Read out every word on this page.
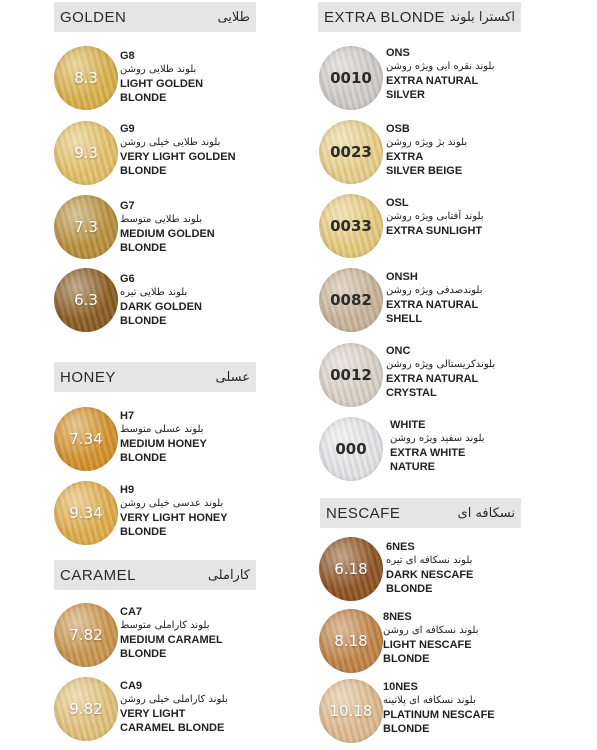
GOLDEN	طلایی	EXTRA BLONDE اکسترا بلوند
HONEY	عسلی
CARAMEL	کاراملی
NESCAFE	نسکافه ای
8.3
G8
بلوند طلایی روشن
LIGHT GOLDEN
BLONDE
9.3
G9
بلوند طلایی خیلی روشن
VERY LIGHT GOLDEN
BLONDE
7.3
G7
بلوند طلایی متوسط
MEDIUM GOLDEN
BLONDE
6.3
G6
بلوند طلایی تیره
DARK GOLDEN
BLONDE
7.34
H7
بلوند عسلی متوسط
MEDIUM HONEY
BLONDE
9.34
H9
بلوند عدسی خیلی روشن
VERY LIGHT HONEY
BLONDE
7.82
CA7
بلوند کاراملی متوسط
MEDIUM CARAMEL
BLONDE
9.82
CA9
بلوند کاراملی خیلی روشن
VERY LIGHT
CARAMEL BLONDE
0010
ONS
بلوند نقره ایی ویژه روشن
EXTRA NATURAL
SILVER
0023
OSB
بلوند بژ ویژه روشن
EXTRA
SILVER BEIGE
0033
OSL
بلوند آفتابی ویژه روشن
EXTRA SUNLIGHT
0082
ONSH
بلوندصدفی ویژه روشن
EXTRA NATURAL
SHELL
0012
ONC
بلوندکریستالی ویژه روشن
EXTRA NATURAL
CRYSTAL
000
WHITE
بلوند سفید ویژه روشن
EXTRA WHITE
NATURE
6.18
6NES
بلوند نسکافه ای تیره
DARK NESCAFE
BLONDE
8.18
8NES
بلوند نسکافه ای روشن
LIGHT NESCAFE
BLONDE
10.18
10NES
بلوند نسکافه ای پلاتینه
PLATINUM NESCAFE
BLONDE
